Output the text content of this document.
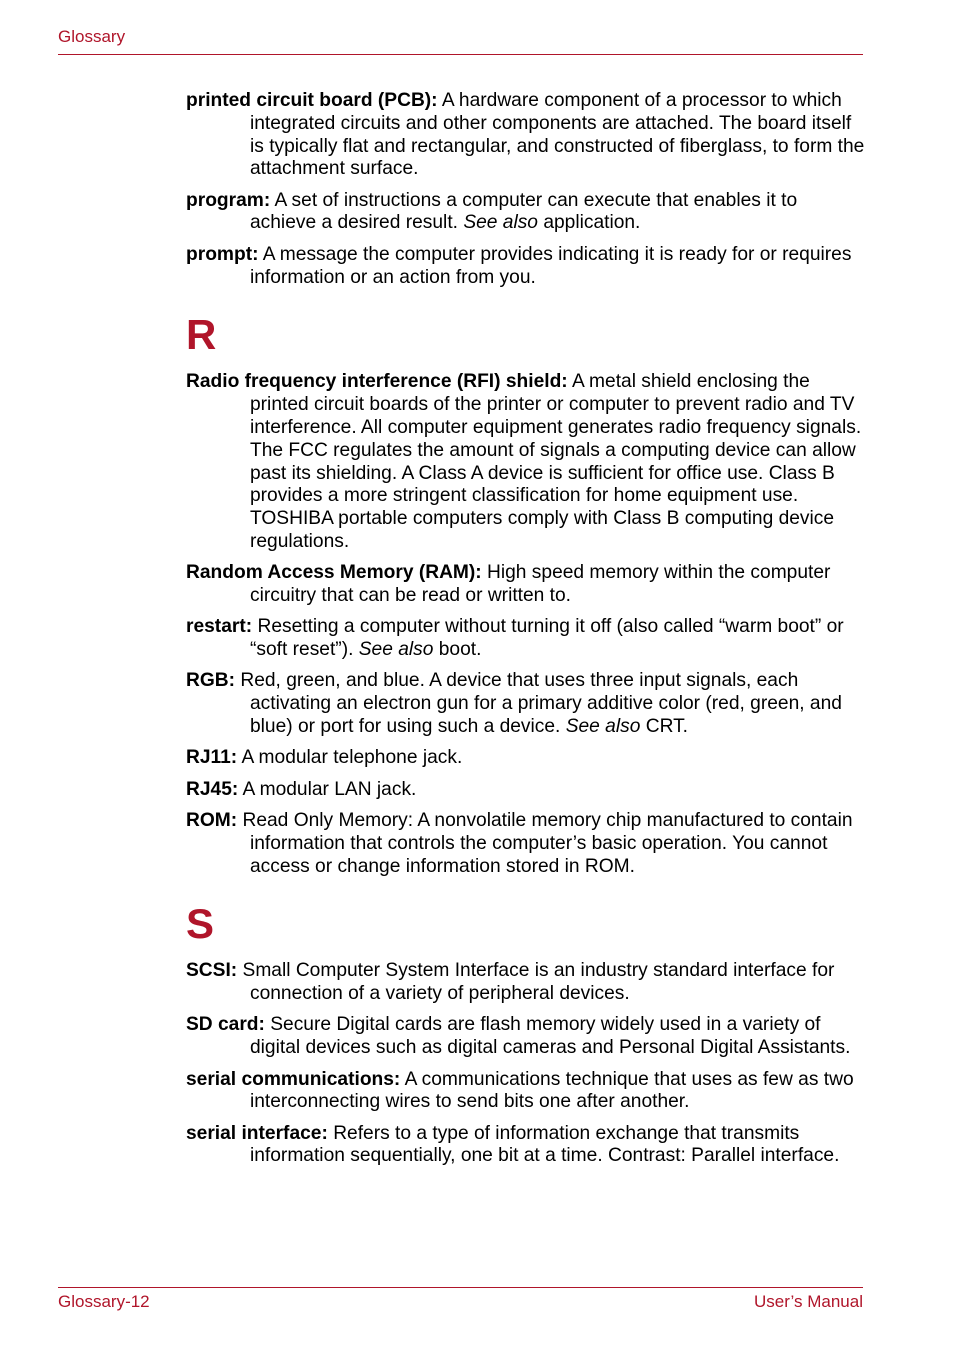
Glossary

printed circuit board (PCB): A hardware component of a processor to which integrated circuits and other components are attached. The board itself is typically flat and rectangular, and constructed of fiberglass, to form the attachment surface.

program: A set of instructions a computer can execute that enables it to achieve a desired result. See also application.

prompt: A message the computer provides indicating it is ready for or requires information or an action from you.

R

Radio frequency interference (RFI) shield: A metal shield enclosing the printed circuit boards of the printer or computer to prevent radio and TV interference. All computer equipment generates radio frequency signals. The FCC regulates the amount of signals a computing device can allow past its shielding. A Class A device is sufficient for office use. Class B provides a more stringent classification for home equipment use. TOSHIBA portable computers comply with Class B computing device regulations.

Random Access Memory (RAM): High speed memory within the computer circuitry that can be read or written to.

restart: Resetting a computer without turning it off (also called “warm boot” or “soft reset”). See also boot.

RGB: Red, green, and blue. A device that uses three input signals, each activating an electron gun for a primary additive color (red, green, and blue) or port for using such a device. See also CRT.

RJ11: A modular telephone jack.

RJ45: A modular LAN jack.

ROM: Read Only Memory: A nonvolatile memory chip manufactured to contain information that controls the computer’s basic operation. You cannot access or change information stored in ROM.

S

SCSI: Small Computer System Interface is an industry standard interface for connection of a variety of peripheral devices.

SD card: Secure Digital cards are flash memory widely used in a variety of digital devices such as digital cameras and Personal Digital Assistants.

serial communications: A communications technique that uses as few as two interconnecting wires to send bits one after another.

serial interface: Refers to a type of information exchange that transmits information sequentially, one bit at a time. Contrast: Parallel interface.

Glossary-12	User’s Manual
